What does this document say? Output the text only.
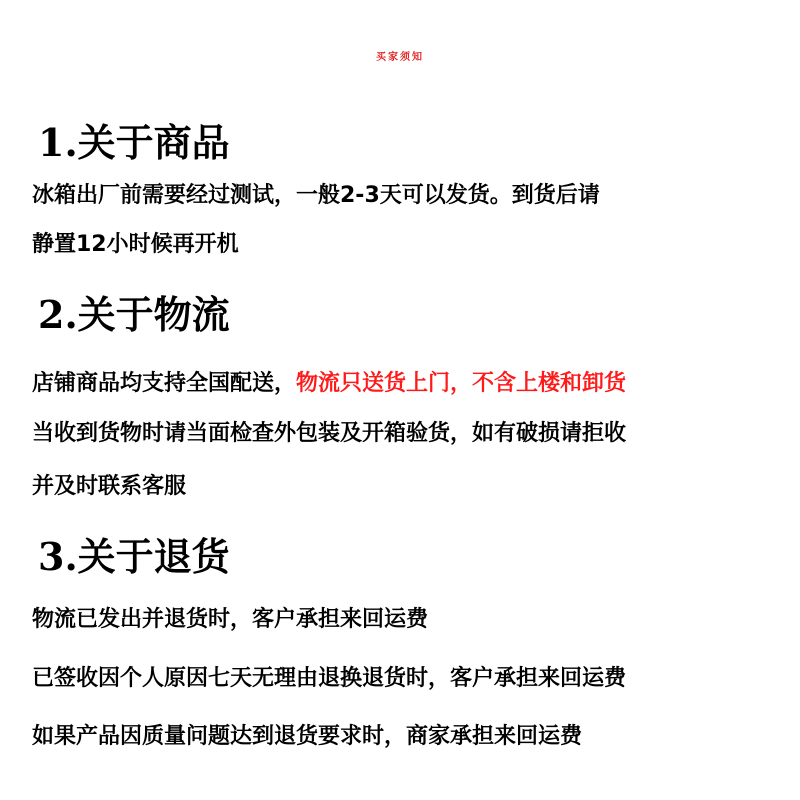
买家须知
1.关于商品
冰箱出厂前需要经过测试，一般2-3天可以发货。到货后请
静置12小时候再开机
2.关于物流
店铺商品均支持全国配送，物流只送货上门，不含上楼和卸货
当收到货物时请当面检查外包装及开箱验货，如有破损请拒收
并及时联系客服
3.关于退货
物流已发出并退货时，客户承担来回运费
已签收因个人原因七天无理由退换退货时，客户承担来回运费
如果产品因质量问题达到退货要求时，商家承担来回运费
